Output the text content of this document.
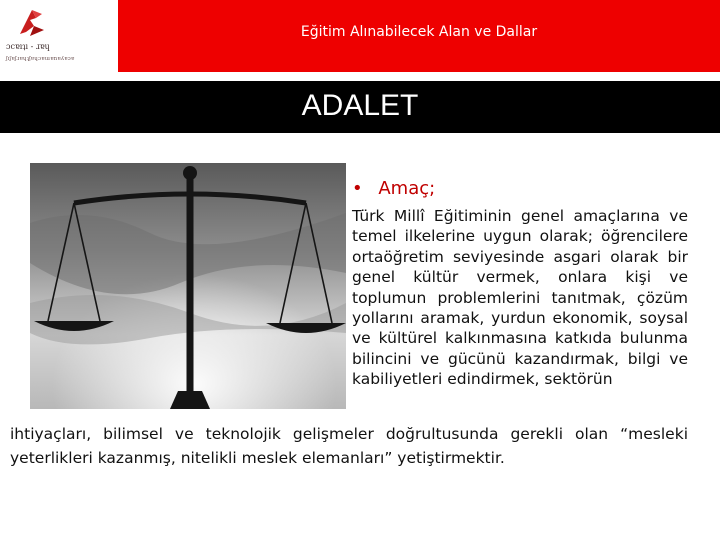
ɔcɐıʇı - ɹɐɥ
ʃıʃɐʃɹɐɥʇʃɐɥɔɐɯɐnɐʎɐɔɐ
Eğitim Alınabilecek Alan ve Dallar
ADALET
• Amaç;
Türk Millî Eğitiminin genel amaçlarına ve temel ilkelerine uygun olarak; öğrencilere ortaöğretim seviyesinde asgari olarak bir genel kültür vermek, onlara kişi ve toplumun problemlerini tanıtmak, çözüm yollarını aramak, yurdun ekonomik, soysal ve kültürel kalkınmasına katkıda bulunma bilincini ve gücünü kazandırmak, bilgi ve kabiliyetleri edindirmek, sektörün
ihtiyaçları, bilimsel ve teknolojik gelişmeler doğrultusunda gerekli olan “mesleki yeterlikleri kazanmış, nitelikli meslek elemanları” yetiştirmektir.
